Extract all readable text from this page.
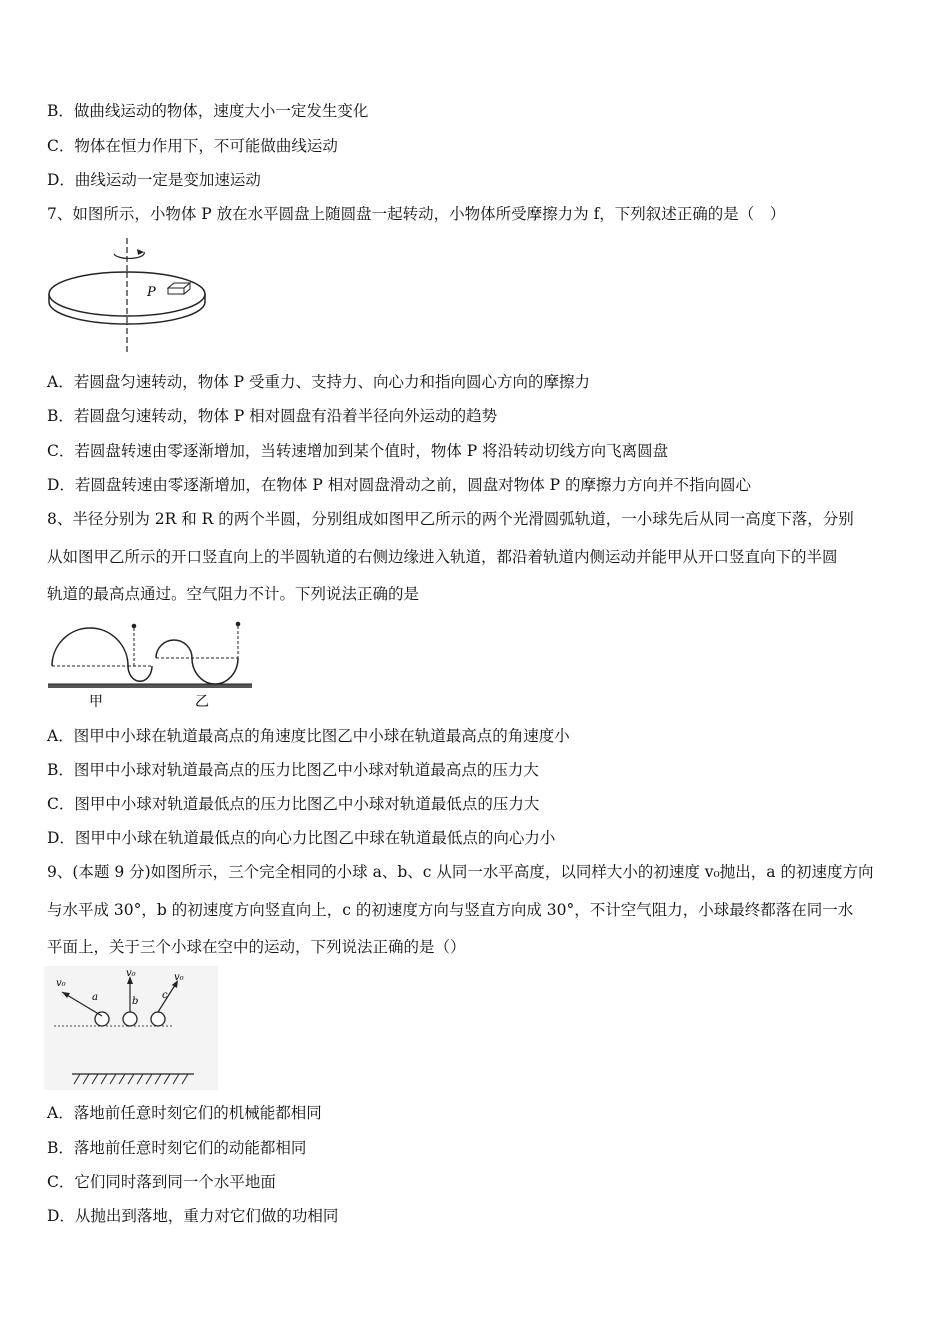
B．做曲线运动的物体，速度大小一定发生变化
C．物体在恒力作用下，不可能做曲线运动
D．曲线运动一定是变加速运动
7、如图所示，小物体 P 放在水平圆盘上随圆盘一起转动，小物体所受摩擦力为 f，下列叙述正确的是（　）
P
A．若圆盘匀速转动，物体 P 受重力、支持力、向心力和指向圆心方向的摩擦力
B．若圆盘匀速转动，物体 P 相对圆盘有沿着半径向外运动的趋势
C．若圆盘转速由零逐渐增加，当转速增加到某个值时，物体 P 将沿转动切线方向飞离圆盘
D．若圆盘转速由零逐渐增加，在物体 P 相对圆盘滑动之前，圆盘对物体 P 的摩擦力方向并不指向圆心
8、半径分别为 2R 和 R 的两个半圆，分别组成如图甲乙所示的两个光滑圆弧轨道，一小球先后从同一高度下落，分别
从如图甲乙所示的开口竖直向上的半圆轨道的右侧边缘进入轨道，都沿着轨道内侧运动并能甲从开口竖直向下的半圆
轨道的最高点通过。空气阻力不计。下列说法正确的是
甲	乙
A．图甲中小球在轨道最高点的角速度比图乙中小球在轨道最高点的角速度小
B．图甲中小球对轨道最高点的压力比图乙中小球对轨道最高点的压力大
C．图甲中小球对轨道最低点的压力比图乙中小球对轨道最低点的压力大
D．图甲中小球在轨道最低点的向心力比图乙中球在轨道最低点的向心力小
9、(本题 9 分)如图所示，三个完全相同的小球 a、b、c 从同一水平高度，以同样大小的初速度 v₀抛出，a 的初速度方向
与水平成 30°，b 的初速度方向竖直向上，c 的初速度方向与竖直方向成 30°，不计空气阻力，小球最终都落在同一水
平面上，关于三个小球在空中的运动，下列说法正确的是（）
v₀
v₀	v₀
a	b
c
A．落地前任意时刻它们的机械能都相同
B．落地前任意时刻它们的动能都相同
C．它们同时落到同一个水平地面
D．从抛出到落地，重力对它们做的功相同
